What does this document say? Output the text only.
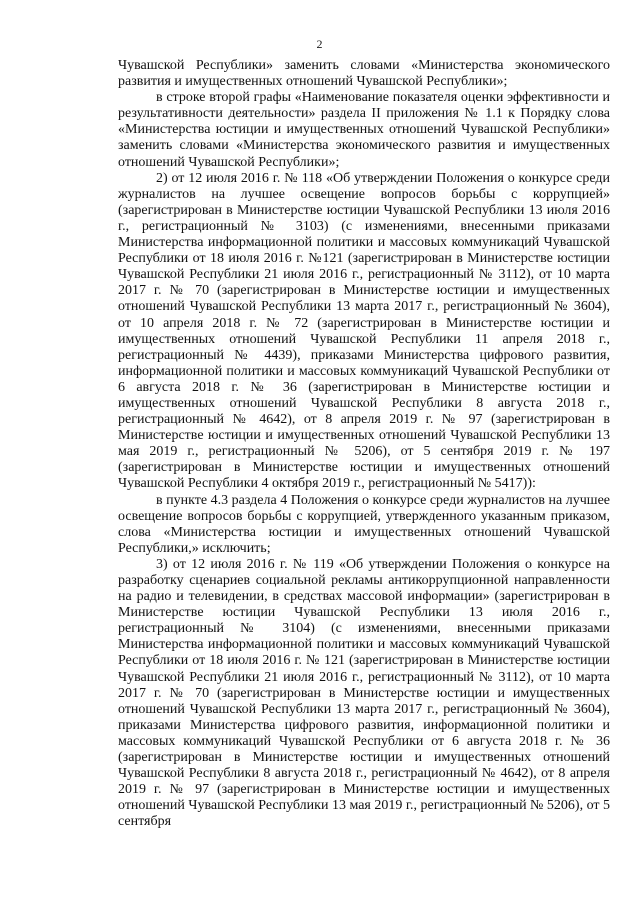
2

Чувашской Республики» заменить словами «Министерства экономического развития и имущественных отношений Чувашской Республики»;

в строке второй графы «Наименование показателя оценки эффективности и результативности деятельности» раздела II приложения № 1.1 к Порядку слова «Министерства юстиции и имущественных отношений Чувашской Республики» заменить словами «Министерства экономического развития и имущественных отношений Чувашской Республики»;

2) от 12 июля 2016 г. № 118 «Об утверждении Положения о конкурсе среди журналистов на лучшее освещение вопросов борьбы с коррупцией» (зарегистрирован в Министерстве юстиции Чувашской Республики 13 июля 2016 г., регистрационный № 3103) (с изменениями, внесенными приказами Министерства информационной политики и массовых коммуникаций Чувашской Республики от 18 июля 2016 г. №121 (зарегистрирован в Министерстве юстиции Чувашской Республики 21 июля 2016 г., регистрационный № 3112), от 10 марта 2017 г. № 70 (зарегистрирован в Министерстве юстиции и имущественных отношений Чувашской Республики 13 марта 2017 г., регистрационный № 3604), от 10 апреля 2018 г. № 72 (зарегистрирован в Министерстве юстиции и имущественных отношений Чувашской Республики 11 апреля 2018 г., регистрационный № 4439), приказами Министерства цифрового развития, информационной политики и массовых коммуникаций Чувашской Республики от 6 августа 2018 г. № 36 (зарегистрирован в Министерстве юстиции и имущественных отношений Чувашской Республики 8 августа 2018 г., регистрационный № 4642), от 8 апреля 2019 г. № 97 (зарегистрирован в Министерстве юстиции и имущественных отношений Чувашской Республики 13 мая 2019 г., регистрационный № 5206), от 5 сентября 2019 г. № 197 (зарегистрирован в Министерстве юстиции и имущественных отношений Чувашской Республики 4 октября 2019 г., регистрационный № 5417)):

в пункте 4.3 раздела 4 Положения о конкурсе среди журналистов на лучшее освещение вопросов борьбы с коррупцией, утвержденного указанным приказом, слова «Министерства юстиции и имущественных отношений Чувашской Республики,» исключить;

3) от 12 июля 2016 г. № 119 «Об утверждении Положения о конкурсе на разработку сценариев социальной рекламы антикоррупционной направленности на радио и телевидении, в средствах массовой информации» (зарегистрирован в Министерстве юстиции Чувашской Республики 13 июля 2016 г., регистрационный № 3104) (с изменениями, внесенными приказами Министерства информационной политики и массовых коммуникаций Чувашской Республики от 18 июля 2016 г. № 121 (зарегистрирован в Министерстве юстиции Чувашской Республики 21 июля 2016 г., регистрационный № 3112), от 10 марта 2017 г. № 70 (зарегистрирован в Министерстве юстиции и имущественных отношений Чувашской Республики 13 марта 2017 г., регистрационный № 3604), приказами Министерства цифрового развития, информационной политики и массовых коммуникаций Чувашской Республики от 6 августа 2018 г. № 36 (зарегистрирован в Министерстве юстиции и имущественных отношений Чувашской Республики 8 августа 2018 г., регистрационный № 4642), от 8 апреля 2019 г. № 97 (зарегистрирован в Министерстве юстиции и имущественных отношений Чувашской Республики 13 мая 2019 г., регистрационный № 5206), от 5 сентября
